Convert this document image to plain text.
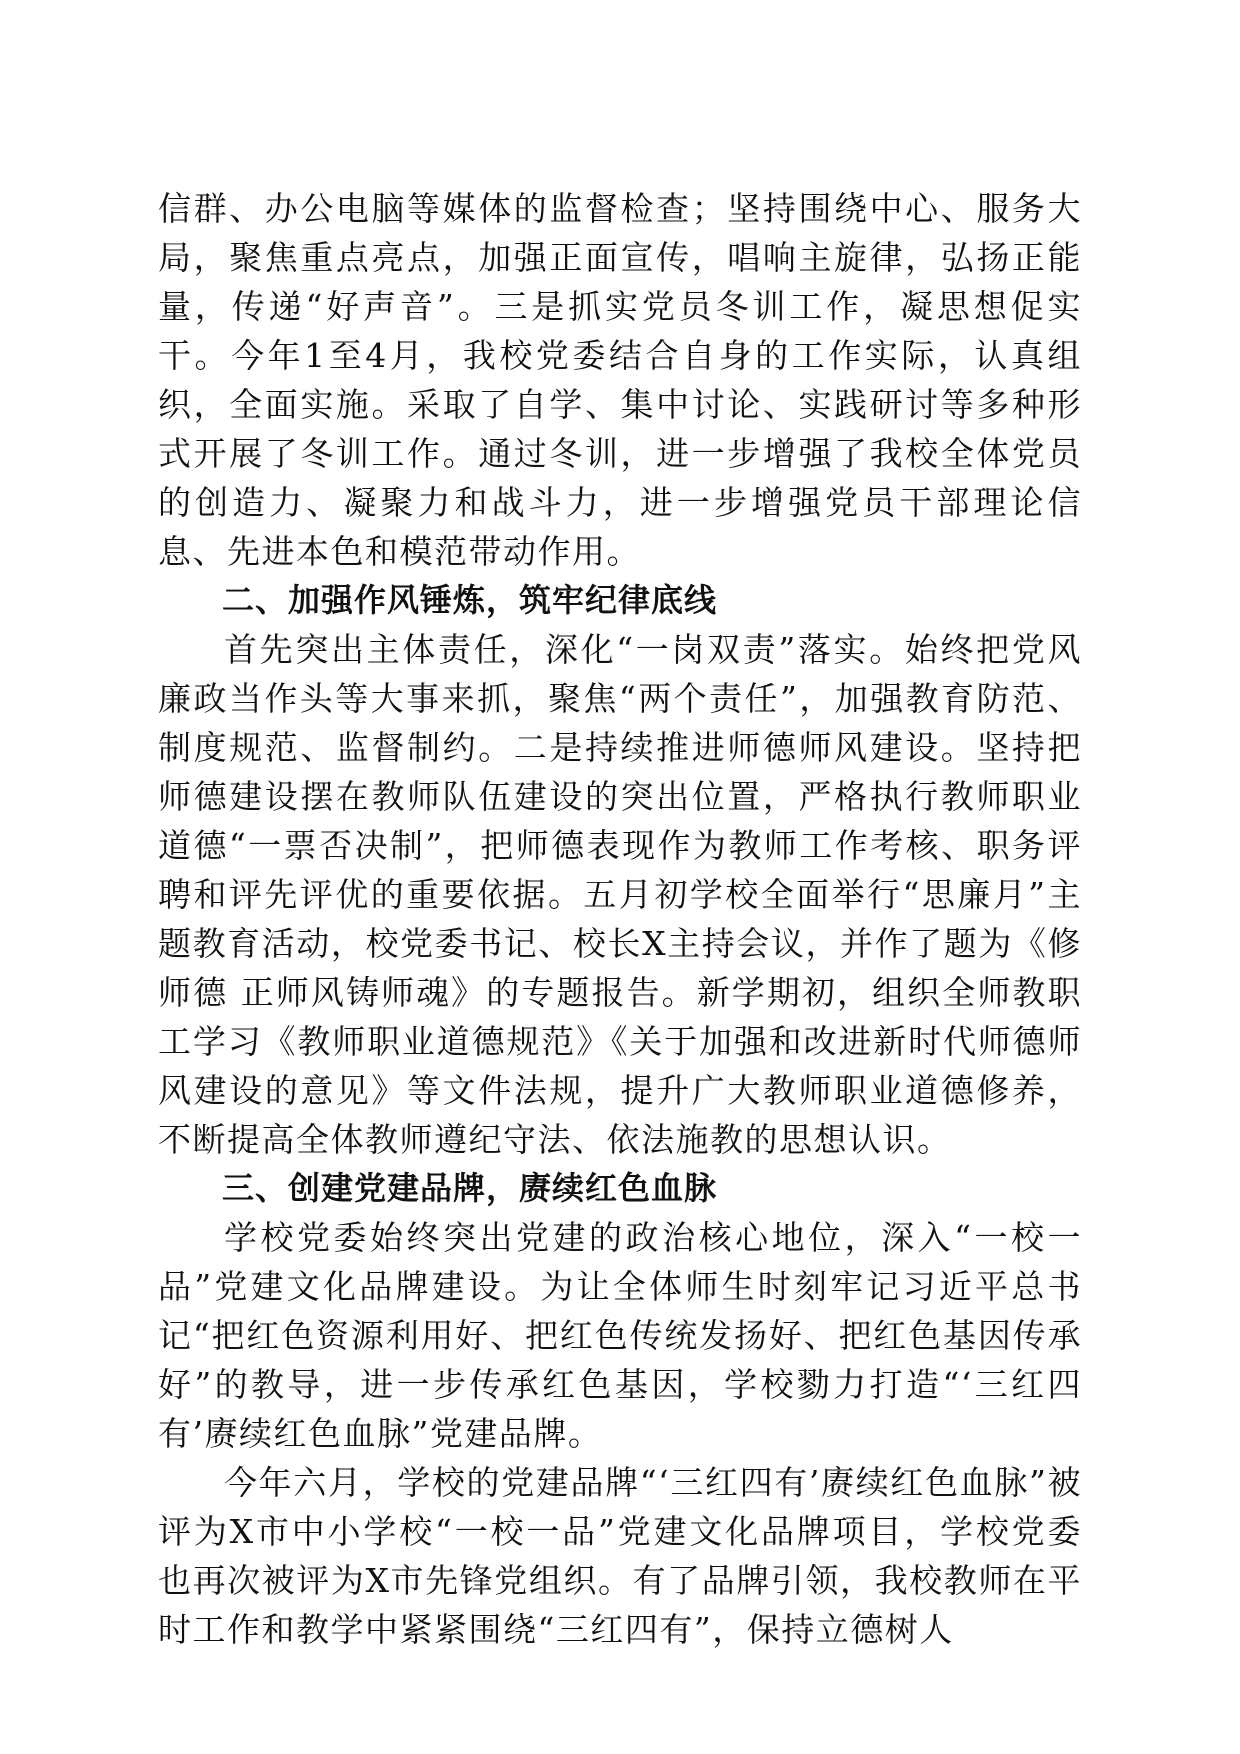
信群、办公电脑等媒体的监督检查；坚持围绕中心、服务大局，聚焦重点亮点，加强正面宣传，唱响主旋律，弘扬正能量，传递“好声音”。三是抓实党员冬训工作，凝思想促实干。今年1至4月，我校党委结合自身的工作实际，认真组织，全面实施。采取了自学、集中讨论、实践研讨等多种形式开展了冬训工作。通过冬训，进一步增强了我校全体党员的创造力、凝聚力和战斗力，进一步增强党员干部理论信息、先进本色和模范带动作用。

二、加强作风锤炼，筑牢纪律底线

首先突出主体责任，深化“一岗双责”落实。始终把党风廉政当作头等大事来抓，聚焦“两个责任”，加强教育防范、制度规范、监督制约。二是持续推进师德师风建设。坚持把师德建设摆在教师队伍建设的突出位置，严格执行教师职业道德“一票否决制”，把师德表现作为教师工作考核、职务评聘和评先评优的重要依据。五月初学校全面举行“思廉月”主题教育活动，校党委书记、校长X主持会议，并作了题为《修师德 正师风铸师魂》的专题报告。新学期初，组织全师教职工学习《教师职业道德规范》《关于加强和改进新时代师德师风建设的意见》等文件法规，提升广大教师职业道德修养，不断提高全体教师遵纪守法、依法施教的思想认识。

三、创建党建品牌，赓续红色血脉

学校党委始终突出党建的政治核心地位，深入“一校一品”党建文化品牌建设。为让全体师生时刻牢记习近平总书记“把红色资源利用好、把红色传统发扬好、把红色基因传承好”的教导，进一步传承红色基因，学校勠力打造“‘三红四有’赓续红色血脉”党建品牌。

今年六月，学校的党建品牌“‘三红四有’赓续红色血脉”被评为X市中小学校“一校一品”党建文化品牌项目，学校党委也再次被评为X市先锋党组织。有了品牌引领，我校教师在平时工作和教学中紧紧围绕“三红四有”，保持立德树人
